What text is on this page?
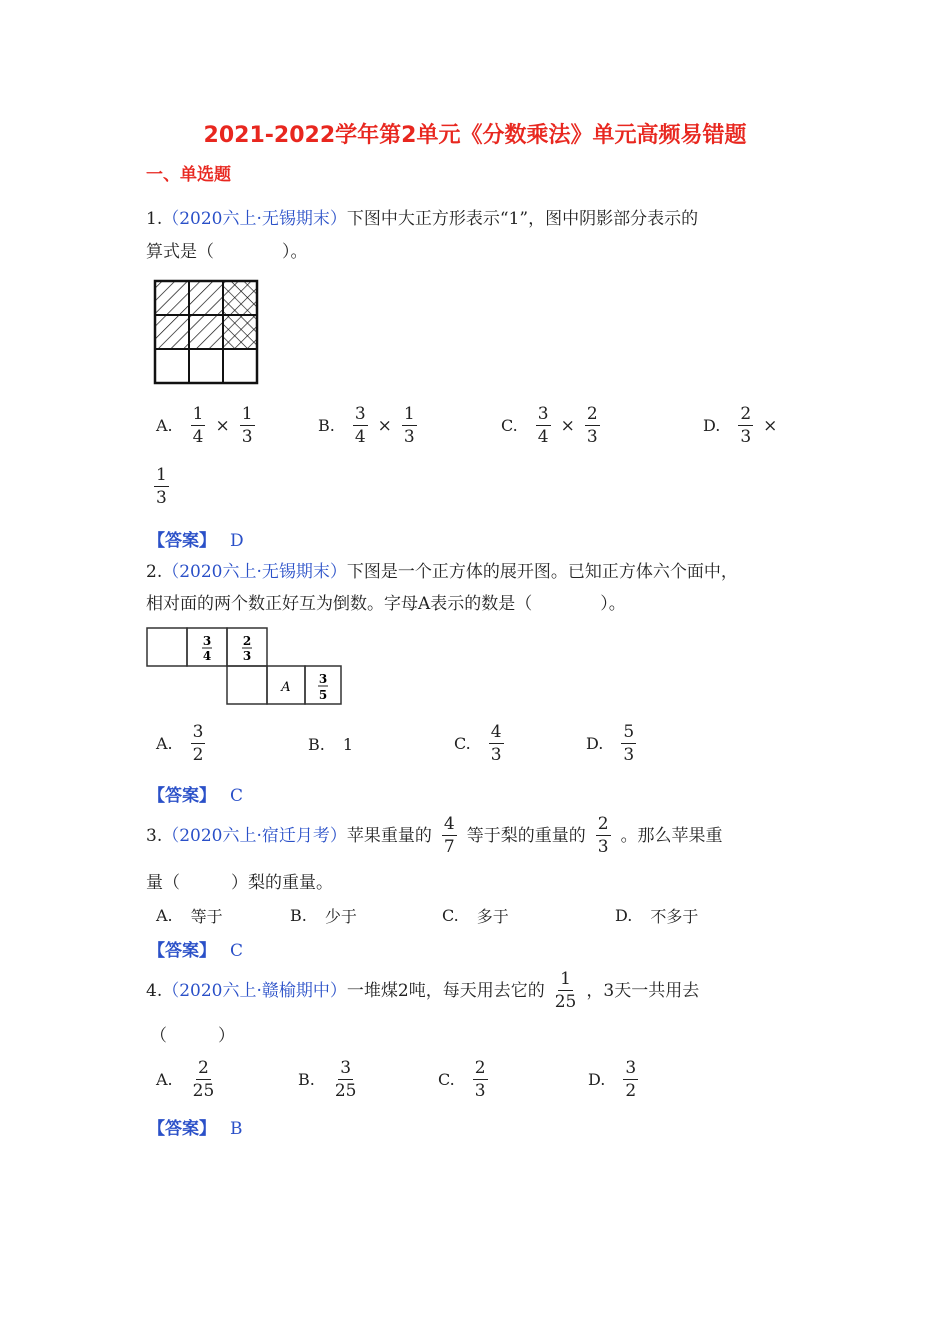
2021-2022学年第2单元《分数乘法》单元高频易错题
一、单选题
1.（2020六上·无锡期末）下图中大正方形表示“1”，图中阴影部分表示的
算式是（　　　　）。
A. $\frac{1}{4} \times \frac{1}{3}$	B. $\frac{3}{4} \times \frac{1}{3}$	C. $\frac{3}{4} \times \frac{2}{3}$	D. $\frac{2}{3}$ ×
$\frac{1}{3}$
【答案】 D
2.（2020六上·无锡期末）下图是一个正方体的展开图。已知正方体六个面中，
相对面的两个数正好互为倒数。字母A表示的数是（　　　　）。
3
4
2
3
A
3
5
A. $\frac{3}{2}$	B. 1	C. $\frac{4}{3}$	D. $\frac{5}{3}$
【答案】 C
3. （2020六上·宿迁月考） 苹果重量的 $\frac{4}{7}$ 等于梨的重量的 $\frac{2}{3}$ 。那么苹果重
量（　　　）梨的重量。
A. 等于	B. 少于	C. 多于	D. 不多于
【答案】 C
4. （2020六上·赣榆期中） 一堆煤2吨，每天用去它的 $\frac{1}{25}$ ，3天一共用去
（　　　）
A. $\frac{2}{25}$	B. $\frac{3}{25}$	C. $\frac{2}{3}$	D. $\frac{3}{2}$
【答案】 B
